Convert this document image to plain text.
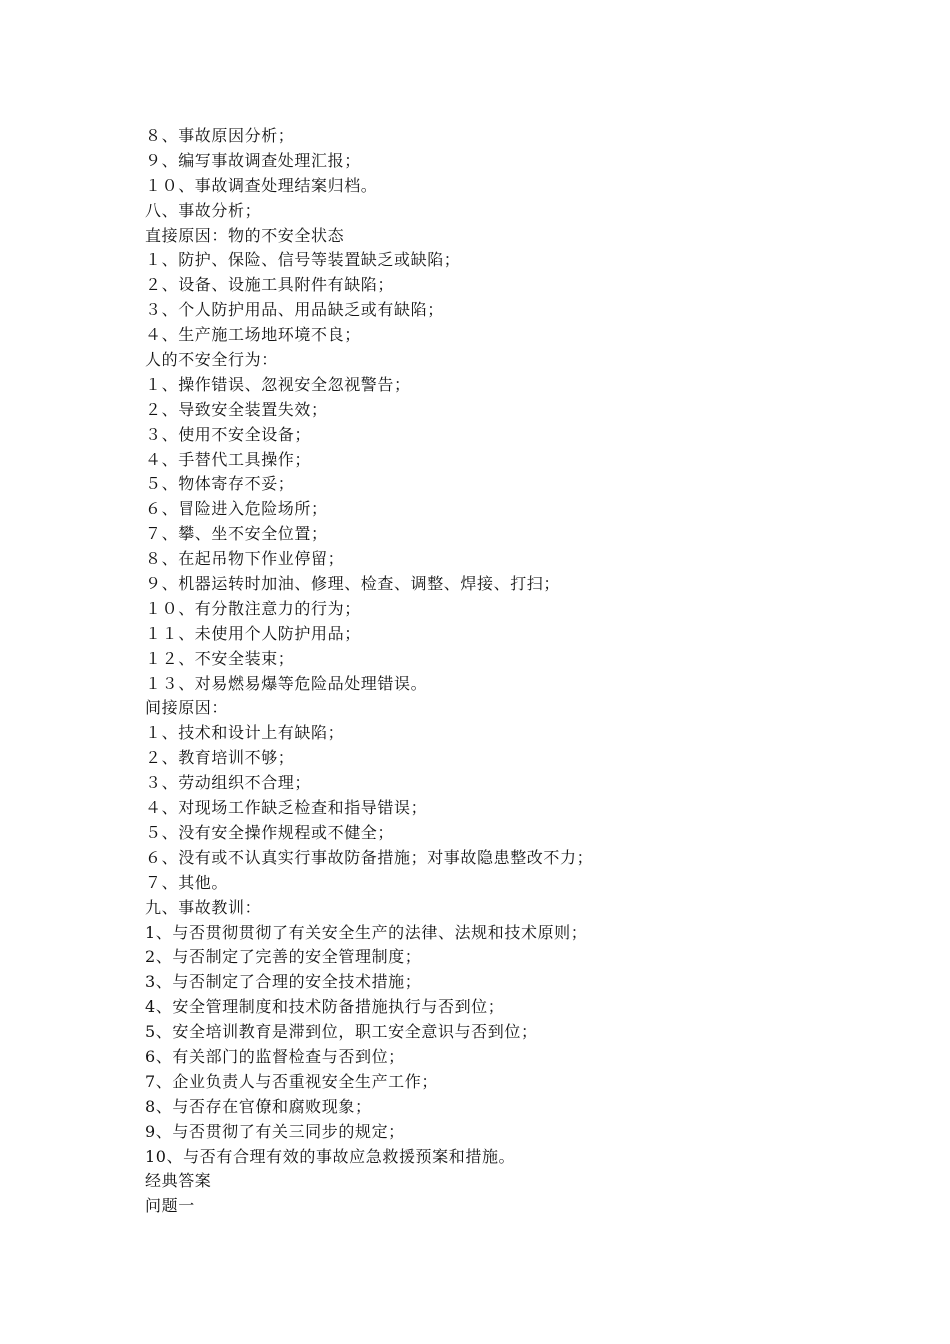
８、事故原因分析；
９、编写事故调查处理汇报；
１０、事故调查处理结案归档。
八、事故分析；
直接原因：物的不安全状态
１、防护、保险、信号等装置缺乏或缺陷；
２、设备、设施工具附件有缺陷；
３、个人防护用品、用品缺乏或有缺陷；
４、生产施工场地环境不良；
人的不安全行为：
１、操作错误、忽视安全忽视警告；
２、导致安全装置失效；
３、使用不安全设备；
４、手替代工具操作；
５、物体寄存不妥；
６、冒险进入危险场所；
７、攀、坐不安全位置；
８、在起吊物下作业停留；
９、机器运转时加油、修理、检查、调整、焊接、打扫；
１０、有分散注意力的行为；
１１、未使用个人防护用品；
１２、不安全装束；
１３、对易燃易爆等危险品处理错误。
间接原因：
１、技术和设计上有缺陷；
２、教育培训不够；
３、劳动组织不合理；
４、对现场工作缺乏检查和指导错误；
５、没有安全操作规程或不健全；
６、没有或不认真实行事故防备措施；对事故隐患整改不力；
７、其他。
九、事故教训：
1、与否贯彻贯彻了有关安全生产的法律、法规和技术原则；
2、与否制定了完善的安全管理制度；
3、与否制定了合理的安全技术措施；
4、安全管理制度和技术防备措施执行与否到位；
5、安全培训教育是滞到位，职工安全意识与否到位；
6、有关部门的监督检查与否到位；
7、企业负责人与否重视安全生产工作；
8、与否存在官僚和腐败现象；
9、与否贯彻了有关三同步的规定；
10、与否有合理有效的事故应急救援预案和措施。
经典答案
问题一
